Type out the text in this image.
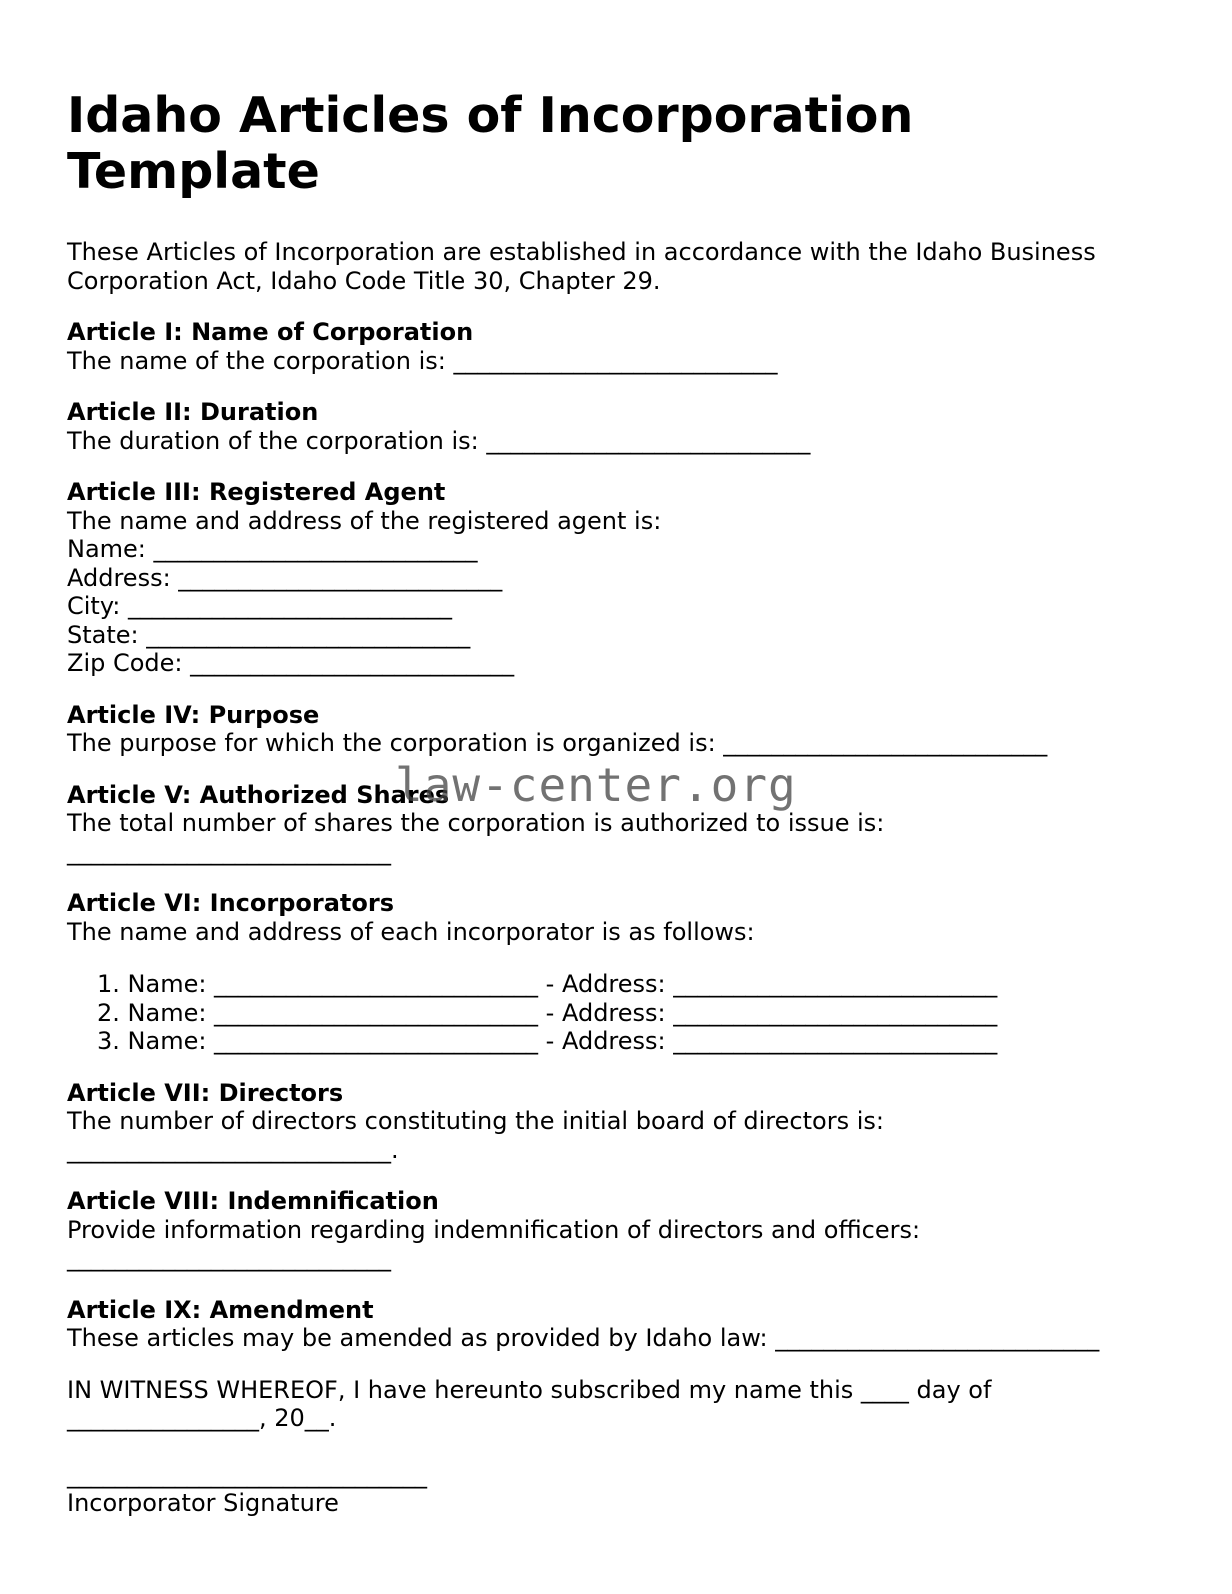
Idaho Articles of Incorporation Template

These Articles of Incorporation are established in accordance with the Idaho Business Corporation Act, Idaho Code Title 30, Chapter 29.

Article I: Name of Corporation

The name of the corporation is: ___________________________

Article II: Duration

The duration of the corporation is: ___________________________

Article III: Registered Agent

The name and address of the registered agent is:

Name: ___________________________

Address: ___________________________

City: ___________________________

State: ___________________________

Zip Code: ___________________________

Article IV: Purpose

The purpose for which the corporation is organized is: ___________________________

Article V: Authorized Shares

The total number of shares the corporation is authorized to issue is:

___________________________

Article VI: Incorporators

The name and address of each incorporator is as follows:

1. Name: ___________________________ - Address: ___________________________
2. Name: ___________________________ - Address: ___________________________
3. Name: ___________________________ - Address: ___________________________
Article VII: Directors

The number of directors constituting the initial board of directors is:

___________________________.

Article VIII: Indemnification

Provide information regarding indemnification of directors and officers:

___________________________

Article IX: Amendment

These articles may be amended as provided by Idaho law: ___________________________

IN WITNESS WHEREOF, I have hereunto subscribed my name this ____ day of

________________, 20__.

______________________________

Incorporator Signature

law-center.org
